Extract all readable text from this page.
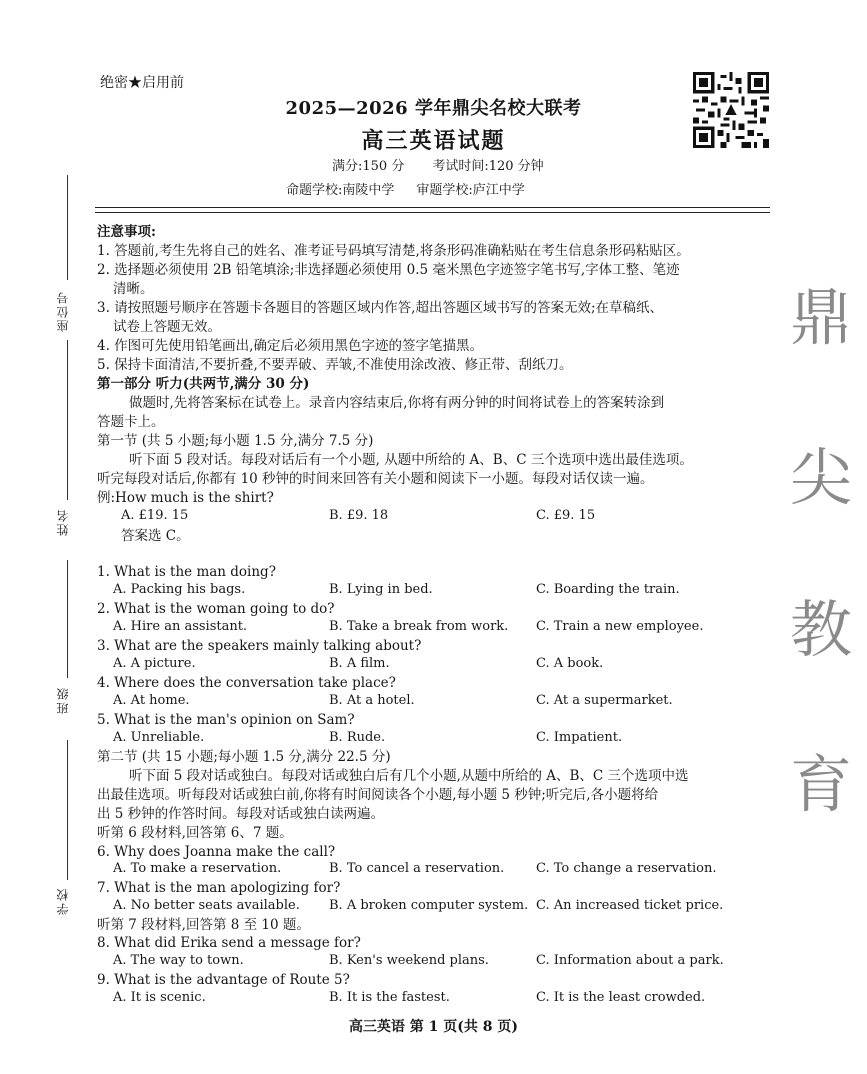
绝密★启用前
2025—2026 学年鼎尖名校大联考
高三英语试题
满分:150 分 考试时间:120 分钟
命题学校:南陵中学 审题学校:庐江中学
座位号
姓名
班级
学校
鼎
尖
教
育
注意事项:
1. 答题前,考生先将自己的姓名、准考证号码填写清楚,将条形码准确粘贴在考生信息条形码粘贴区。
2. 选择题必须使用 2B 铅笔填涂;非选择题必须使用 0.5 毫米黑色字迹签字笔书写,字体工整、笔迹
清晰。
3. 请按照题号顺序在答题卡各题目的答题区域内作答,超出答题区域书写的答案无效;在草稿纸、
试卷上答题无效。
4. 作图可先使用铅笔画出,确定后必须用黑色字迹的签字笔描黑。
5. 保持卡面清洁,不要折叠,不要弄破、弄皱,不准使用涂改液、修正带、刮纸刀。
第一部分 听力(共两节,满分 30 分)
做题时,先将答案标在试卷上。录音内容结束后,你将有两分钟的时间将试卷上的答案转涂到
答题卡上。
第一节 (共 5 小题;每小题 1.5 分,满分 7.5 分)
听下面 5 段对话。每段对话后有一个小题, 从题中所给的 A、B、C 三个选项中选出最佳选项。
听完每段对话后,你都有 10 秒钟的时间来回答有关小题和阅读下一小题。每段对话仅读一遍。
例:How much is the shirt?
A. £19. 15	B. £9. 18	C. £9. 15
答案选 C。
1. What is the man doing?
A. Packing his bags.	B. Lying in bed.	C. Boarding the train.
2. What is the woman going to do?
A. Hire an assistant.	B. Take a break from work. C. Train a new employee.
3. What are the speakers mainly talking about?
A. A picture.	B. A film.	C. A book.
4. Where does the conversation take place?
A. At home.	B. At a hotel.	C. At a supermarket.
5. What is the man's opinion on Sam?
A. Unreliable.	B. Rude.	C. Impatient.
第二节 (共 15 小题;每小题 1.5 分,满分 22.5 分)
听下面 5 段对话或独白。每段对话或独白后有几个小题,从题中所给的 A、B、C 三个选项中选
出最佳选项。听每段对话或独白前,你将有时间阅读各个小题,每小题 5 秒钟;听完后,各小题将给
出 5 秒钟的作答时间。每段对话或独白读两遍。
听第 6 段材料,回答第 6、7 题。
6. Why does Joanna make the call?
A. To make a reservation.	B. To cancel a reservation. C. To change a reservation.
7. What is the man apologizing for?
A. No better seats available. B. A broken computer system. C. An increased ticket price.
听第 7 段材料,回答第 8 至 10 题。
8. What did Erika send a message for?
A. The way to town.	B. Ken's weekend plans.	C. Information about a park.
9. What is the advantage of Route 5?
A. It is scenic.	B. It is the fastest.	C. It is the least crowded.
高三英语 第 1 页(共 8 页)
